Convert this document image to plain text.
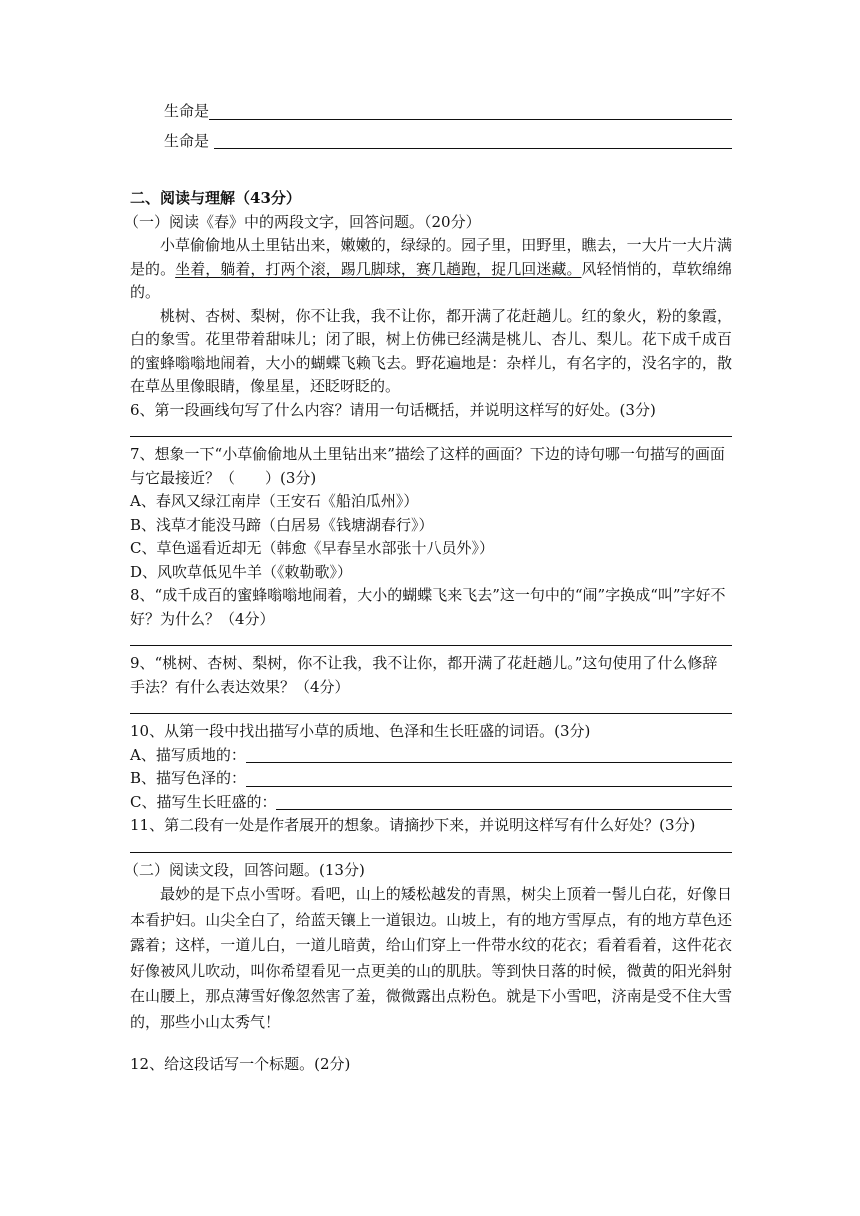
生命是
生命是
二、阅读与理解（43分）
（一）阅读《春》中的两段文字，回答问题。（20分）
小草偷偷地从土里钻出来，嫩嫩的，绿绿的。园子里，田野里，瞧去，一大片一大片满是的。坐着，躺着，打两个滚，踢几脚球，赛几趟跑，捉几回迷藏。风轻悄悄的，草软绵绵的。
桃树、杏树、梨树，你不让我，我不让你，都开满了花赶趟儿。红的象火，粉的象霞，白的象雪。花里带着甜味儿；闭了眼，树上仿佛已经满是桃儿、杏儿、梨儿。花下成千成百的蜜蜂嗡嗡地闹着，大小的蝴蝶飞赖飞去。野花遍地是：杂样儿，有名字的，没名字的，散在草丛里像眼睛，像星星，还眨呀眨的。
6、第一段画线句写了什么内容？请用一句话概括，并说明这样写的好处。(3分)
7、想象一下“小草偷偷地从土里钻出来”描绘了这样的画面？下边的诗句哪一句描写的画面与它最接近？（　　）(3分)
A、春风又绿江南岸（王安石《船泊瓜州》）
B、浅草才能没马蹄（白居易《钱塘湖春行》）
C、草色遥看近却无（韩愈《早春呈水部张十八员外》）
D、风吹草低见牛羊（《敕勒歌》）
8、“成千成百的蜜蜂嗡嗡地闹着，大小的蝴蝶飞来飞去”这一句中的“闹”字换成“叫”字好不好？为什么？（4分）
9、“桃树、杏树、梨树，你不让我，我不让你，都开满了花赶趟儿。”这句使用了什么修辞手法？有什么表达效果？（4分）
10、从第一段中找出描写小草的质地、色泽和生长旺盛的词语。(3分)
A、描写质地的：
B、描写色泽的：
C、描写生长旺盛的：
11、第二段有一处是作者展开的想象。请摘抄下来，并说明这样写有什么好处？(3分)
（二）阅读文段，回答问题。(13分)
最妙的是下点小雪呀。看吧，山上的矮松越发的青黑，树尖上顶着一髻儿白花，好像日本看护妇。山尖全白了，给蓝天镶上一道银边。山坡上，有的地方雪厚点，有的地方草色还露着；这样，一道儿白，一道儿暗黄，给山们穿上一件带水纹的花衣；看着看着，这件花衣好像被风儿吹动，叫你希望看见一点更美的山的肌肤。等到快日落的时候，微黄的阳光斜射在山腰上，那点薄雪好像忽然害了羞，微微露出点粉色。就是下小雪吧，济南是受不住大雪的，那些小山太秀气！
12、给这段话写一个标题。(2分)
